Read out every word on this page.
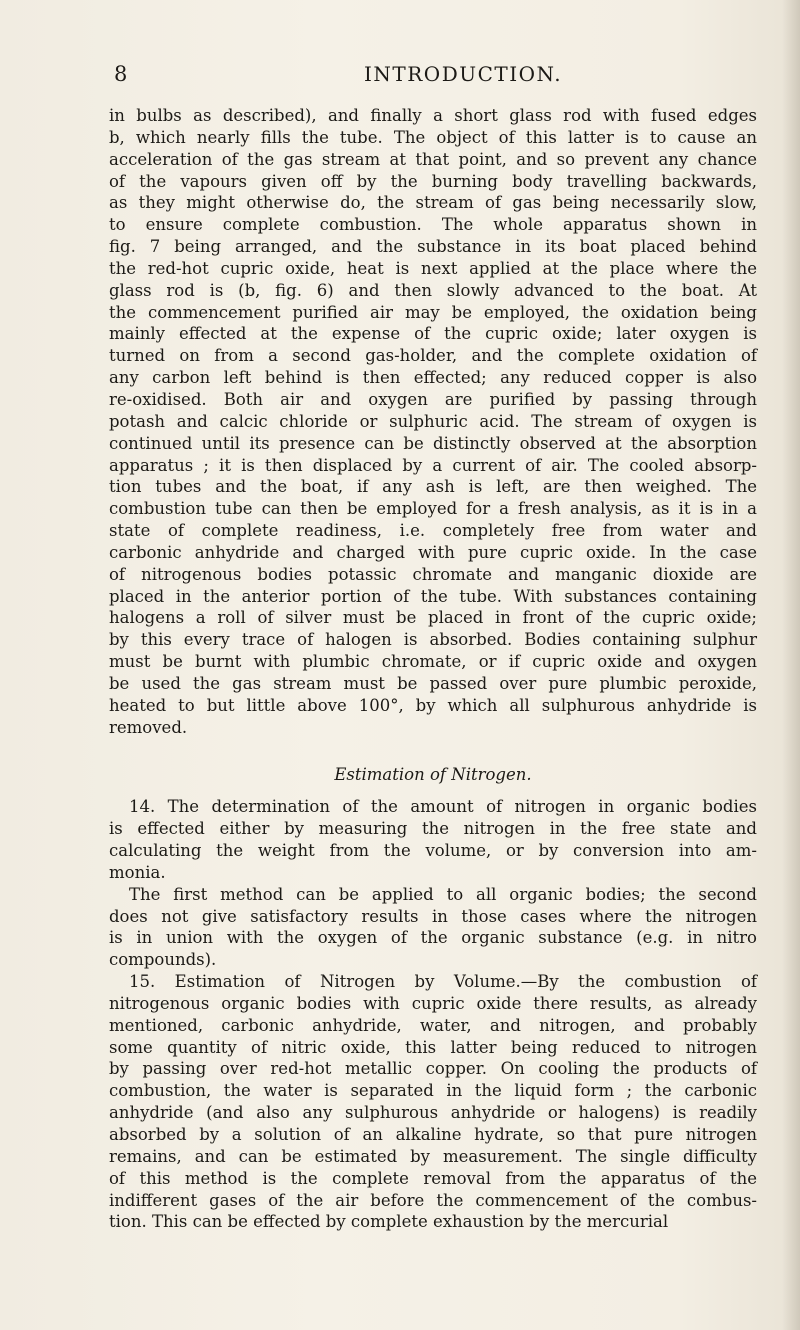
8	INTRODUCTION.
in bulbs as described), and finally a short glass rod with fused edges
b, which nearly fills the tube. The object of this latter is to cause an
acceleration of the gas stream at that point, and so prevent any chance
of the vapours given off by the burning body travelling backwards,
as they might otherwise do, the stream of gas being necessarily slow,
to ensure complete combustion. The whole apparatus shown in
fig. 7 being arranged, and the substance in its boat placed behind
the red-hot cupric oxide, heat is next applied at the place where the
glass rod is (b, fig. 6) and then slowly advanced to the boat. At
the commencement purified air may be employed, the oxidation being
mainly effected at the expense of the cupric oxide; later oxygen is
turned on from a second gas-holder, and the complete oxidation of
any carbon left behind is then effected; any reduced copper is also
re-oxidised. Both air and oxygen are purified by passing through
potash and calcic chloride or sulphuric acid. The stream of oxygen is
continued until its presence can be distinctly observed at the absorption
apparatus ; it is then displaced by a current of air. The cooled absorp-
tion tubes and the boat, if any ash is left, are then weighed. The
combustion tube can then be employed for a fresh analysis, as it is in a
state of complete readiness, i.e. completely free from water and
carbonic anhydride and charged with pure cupric oxide. In the case
of nitrogenous bodies potassic chromate and manganic dioxide are
placed in the anterior portion of the tube. With substances containing
halogens a roll of silver must be placed in front of the cupric oxide;
by this every trace of halogen is absorbed. Bodies containing sulphur
must be burnt with plumbic chromate, or if cupric oxide and oxygen
be used the gas stream must be passed over pure plumbic peroxide,
heated to but little above 100°, by which all sulphurous anhydride is
removed.
Estimation of Nitrogen.
14. The determination of the amount of nitrogen in organic bodies
is effected either by measuring the nitrogen in the free state and
calculating the weight from the volume, or by conversion into am-
monia.
The first method can be applied to all organic bodies; the second
does not give satisfactory results in those cases where the nitrogen
is in union with the oxygen of the organic substance (e.g. in nitro
compounds).
15. Estimation of Nitrogen by Volume.—By the combustion of
nitrogenous organic bodies with cupric oxide there results, as already
mentioned, carbonic anhydride, water, and nitrogen, and probably
some quantity of nitric oxide, this latter being reduced to nitrogen
by passing over red-hot metallic copper. On cooling the products of
combustion, the water is separated in the liquid form ; the carbonic
anhydride (and also any sulphurous anhydride or halogens) is readily
absorbed by a solution of an alkaline hydrate, so that pure nitrogen
remains, and can be estimated by measurement. The single difficulty
of this method is the complete removal from the apparatus of the
indifferent gases of the air before the commencement of the combus-
tion. This can be effected by complete exhaustion by the mercurial
